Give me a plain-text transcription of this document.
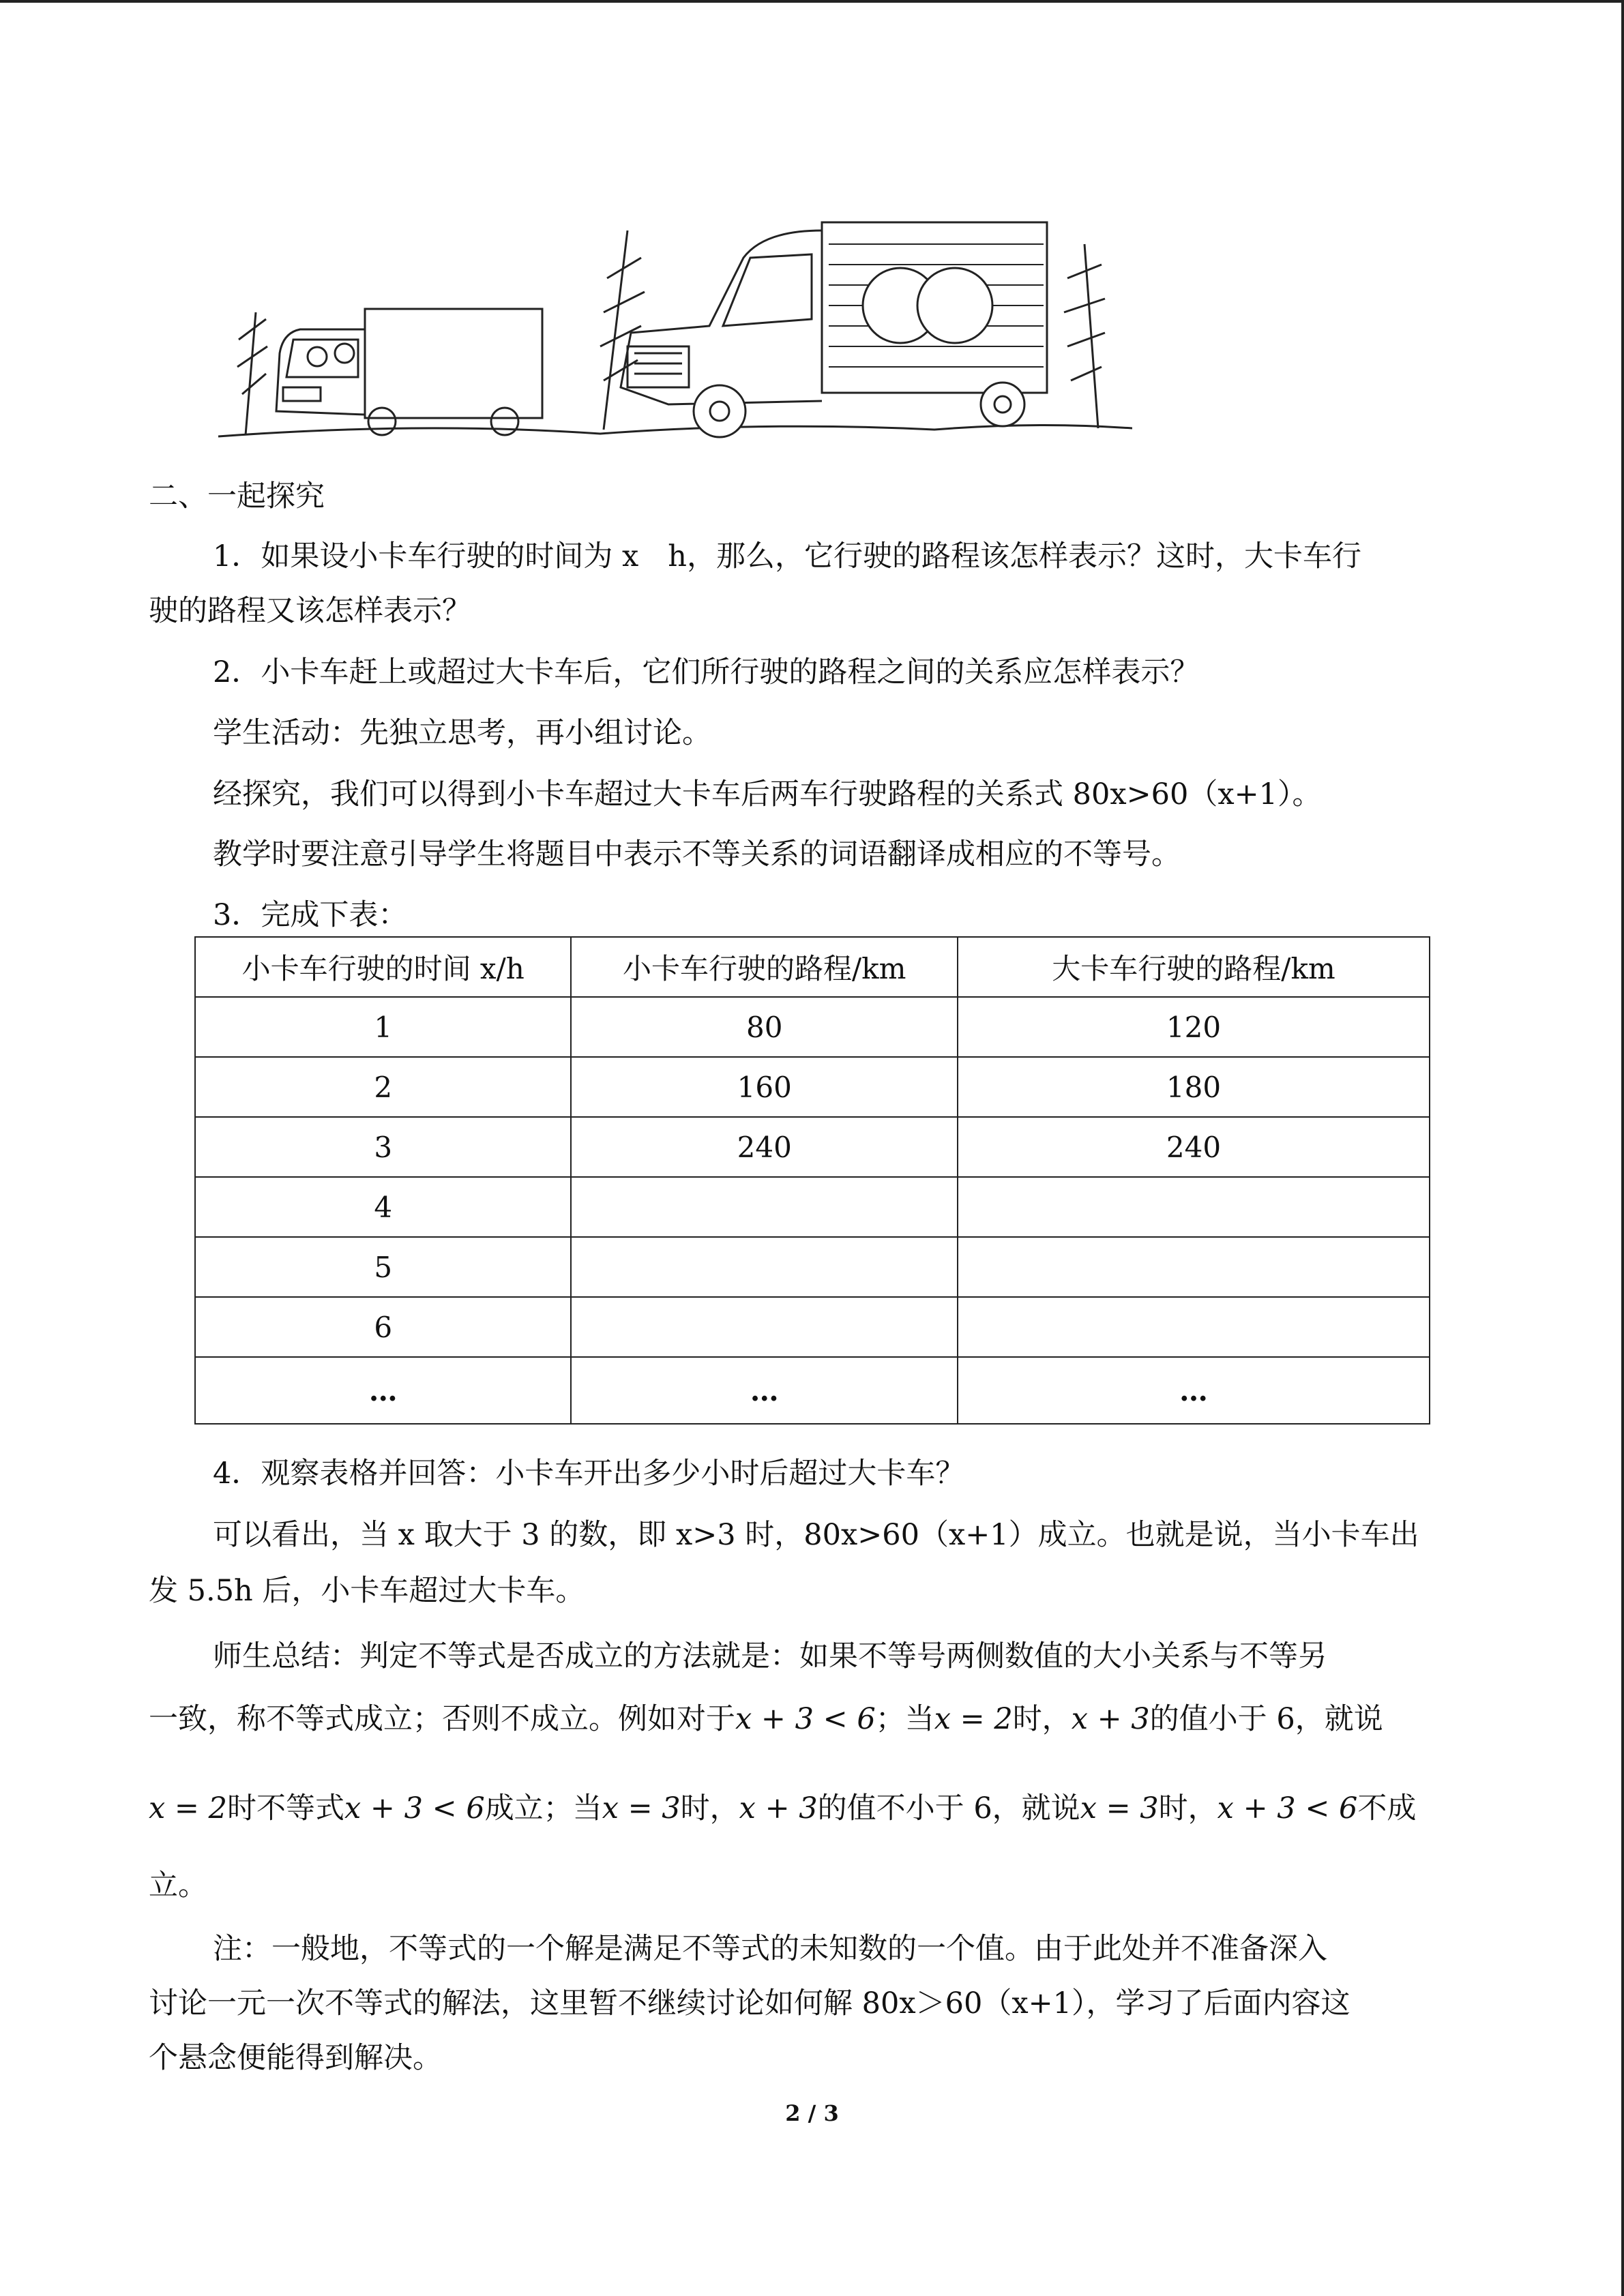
二、一起探究
1．如果设小卡车行驶的时间为 x　h，那么，它行驶的路程该怎样表示？这时，大卡车行
驶的路程又该怎样表示？
2．小卡车赶上或超过大卡车后，它们所行驶的路程之间的关系应怎样表示？
学生活动：先独立思考，再小组讨论。
经探究，我们可以得到小卡车超过大卡车后两车行驶路程的关系式 80x>60（x+1）。
教学时要注意引导学生将题目中表示不等关系的词语翻译成相应的不等号。
3．完成下表：
小卡车行驶的时间 x/h	小卡车行驶的路程/km	大卡车行驶的路程/km
1	80	120
2	160	180
3	240	240
4		
5		
6		
…	…	…
4．观察表格并回答：小卡车开出多少小时后超过大卡车？
可以看出，当 x 取大于 3 的数，即 x>3 时，80x>60（x+1）成立。也就是说，当小卡车出
发 5.5h 后，小卡车超过大卡车。
师生总结：判定不等式是否成立的方法就是：如果不等号两侧数值的大小关系与不等另
一致，称不等式成立；否则不成立。例如对于x + 3 < 6；当x = 2时，x + 3的值小于 6，就说
x = 2时不等式x + 3 < 6成立；当x = 3时，x + 3的值不小于 6，就说x = 3时，x + 3 < 6不成
立。
注：一般地，不等式的一个解是满足不等式的未知数的一个值。由于此处并不准备深入
讨论一元一次不等式的解法，这里暂不继续讨论如何解 80x＞60（x+1），学习了后面内容这
个悬念便能得到解决。
2 / 3
